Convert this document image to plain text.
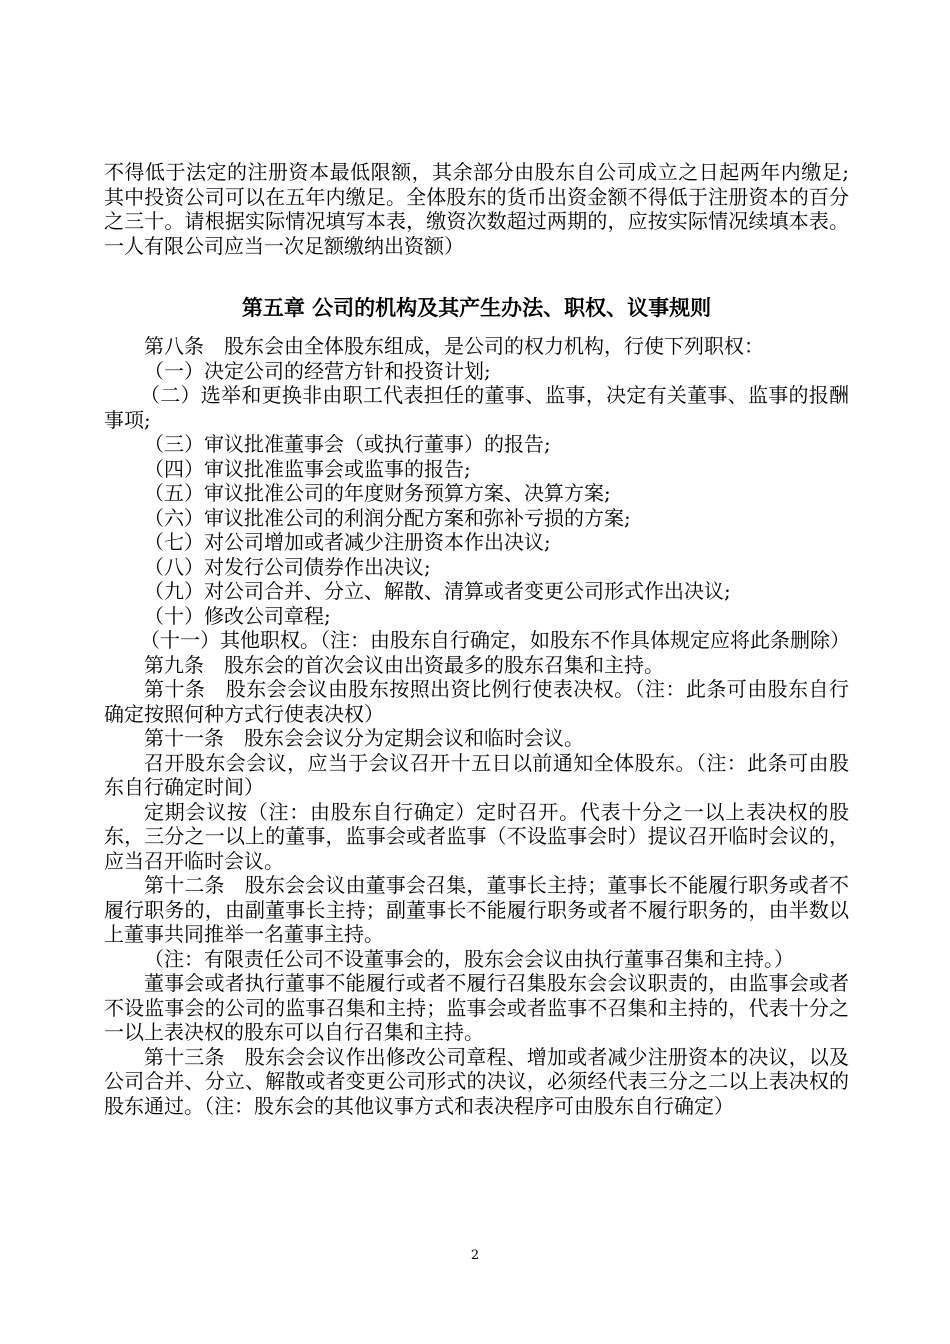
不得低于法定的注册资本最低限额，其余部分由股东自公司成立之日起两年内缴足;其中投资公司可以在五年内缴足。全体股东的货币出资金额不得低于注册资本的百分之三十。请根据实际情况填写本表，缴资次数超过两期的，应按实际情况续填本表。一人有限公司应当一次足额缴纳出资额）

第五章 公司的机构及其产生办法、职权、议事规则

第八条　股东会由全体股东组成，是公司的权力机构，行使下列职权：

（一）决定公司的经营方针和投资计划;

（二）选举和更换非由职工代表担任的董事、监事，决定有关董事、监事的报酬事项;

（三）审议批准董事会（或执行董事）的报告;

（四）审议批准监事会或监事的报告;

（五）审议批准公司的年度财务预算方案、决算方案;

（六）审议批准公司的利润分配方案和弥补亏损的方案;

（七）对公司增加或者减少注册资本作出决议;

（八）对发行公司债券作出决议;

（九）对公司合并、分立、解散、清算或者变更公司形式作出决议;

（十）修改公司章程;

（十一）其他职权。（注：由股东自行确定，如股东不作具体规定应将此条删除）

第九条　股东会的首次会议由出资最多的股东召集和主持。

第十条　股东会会议由股东按照出资比例行使表决权。（注：此条可由股东自行确定按照何种方式行使表决权）

第十一条　股东会会议分为定期会议和临时会议。

召开股东会会议，应当于会议召开十五日以前通知全体股东。（注：此条可由股东自行确定时间）

定期会议按（注：由股东自行确定）定时召开。代表十分之一以上表决权的股东，三分之一以上的董事，监事会或者监事（不设监事会时）提议召开临时会议的，应当召开临时会议。

第十二条　股东会会议由董事会召集，董事长主持；董事长不能履行职务或者不履行职务的，由副董事长主持；副董事长不能履行职务或者不履行职务的，由半数以上董事共同推举一名董事主持。

（注：有限责任公司不设董事会的，股东会会议由执行董事召集和主持。）

董事会或者执行董事不能履行或者不履行召集股东会会议职责的，由监事会或者不设监事会的公司的监事召集和主持；监事会或者监事不召集和主持的，代表十分之一以上表决权的股东可以自行召集和主持。

第十三条　股东会会议作出修改公司章程、增加或者减少注册资本的决议，以及公司合并、分立、解散或者变更公司形式的决议，必须经代表三分之二以上表决权的股东通过。（注：股东会的其他议事方式和表决程序可由股东自行确定）

2
